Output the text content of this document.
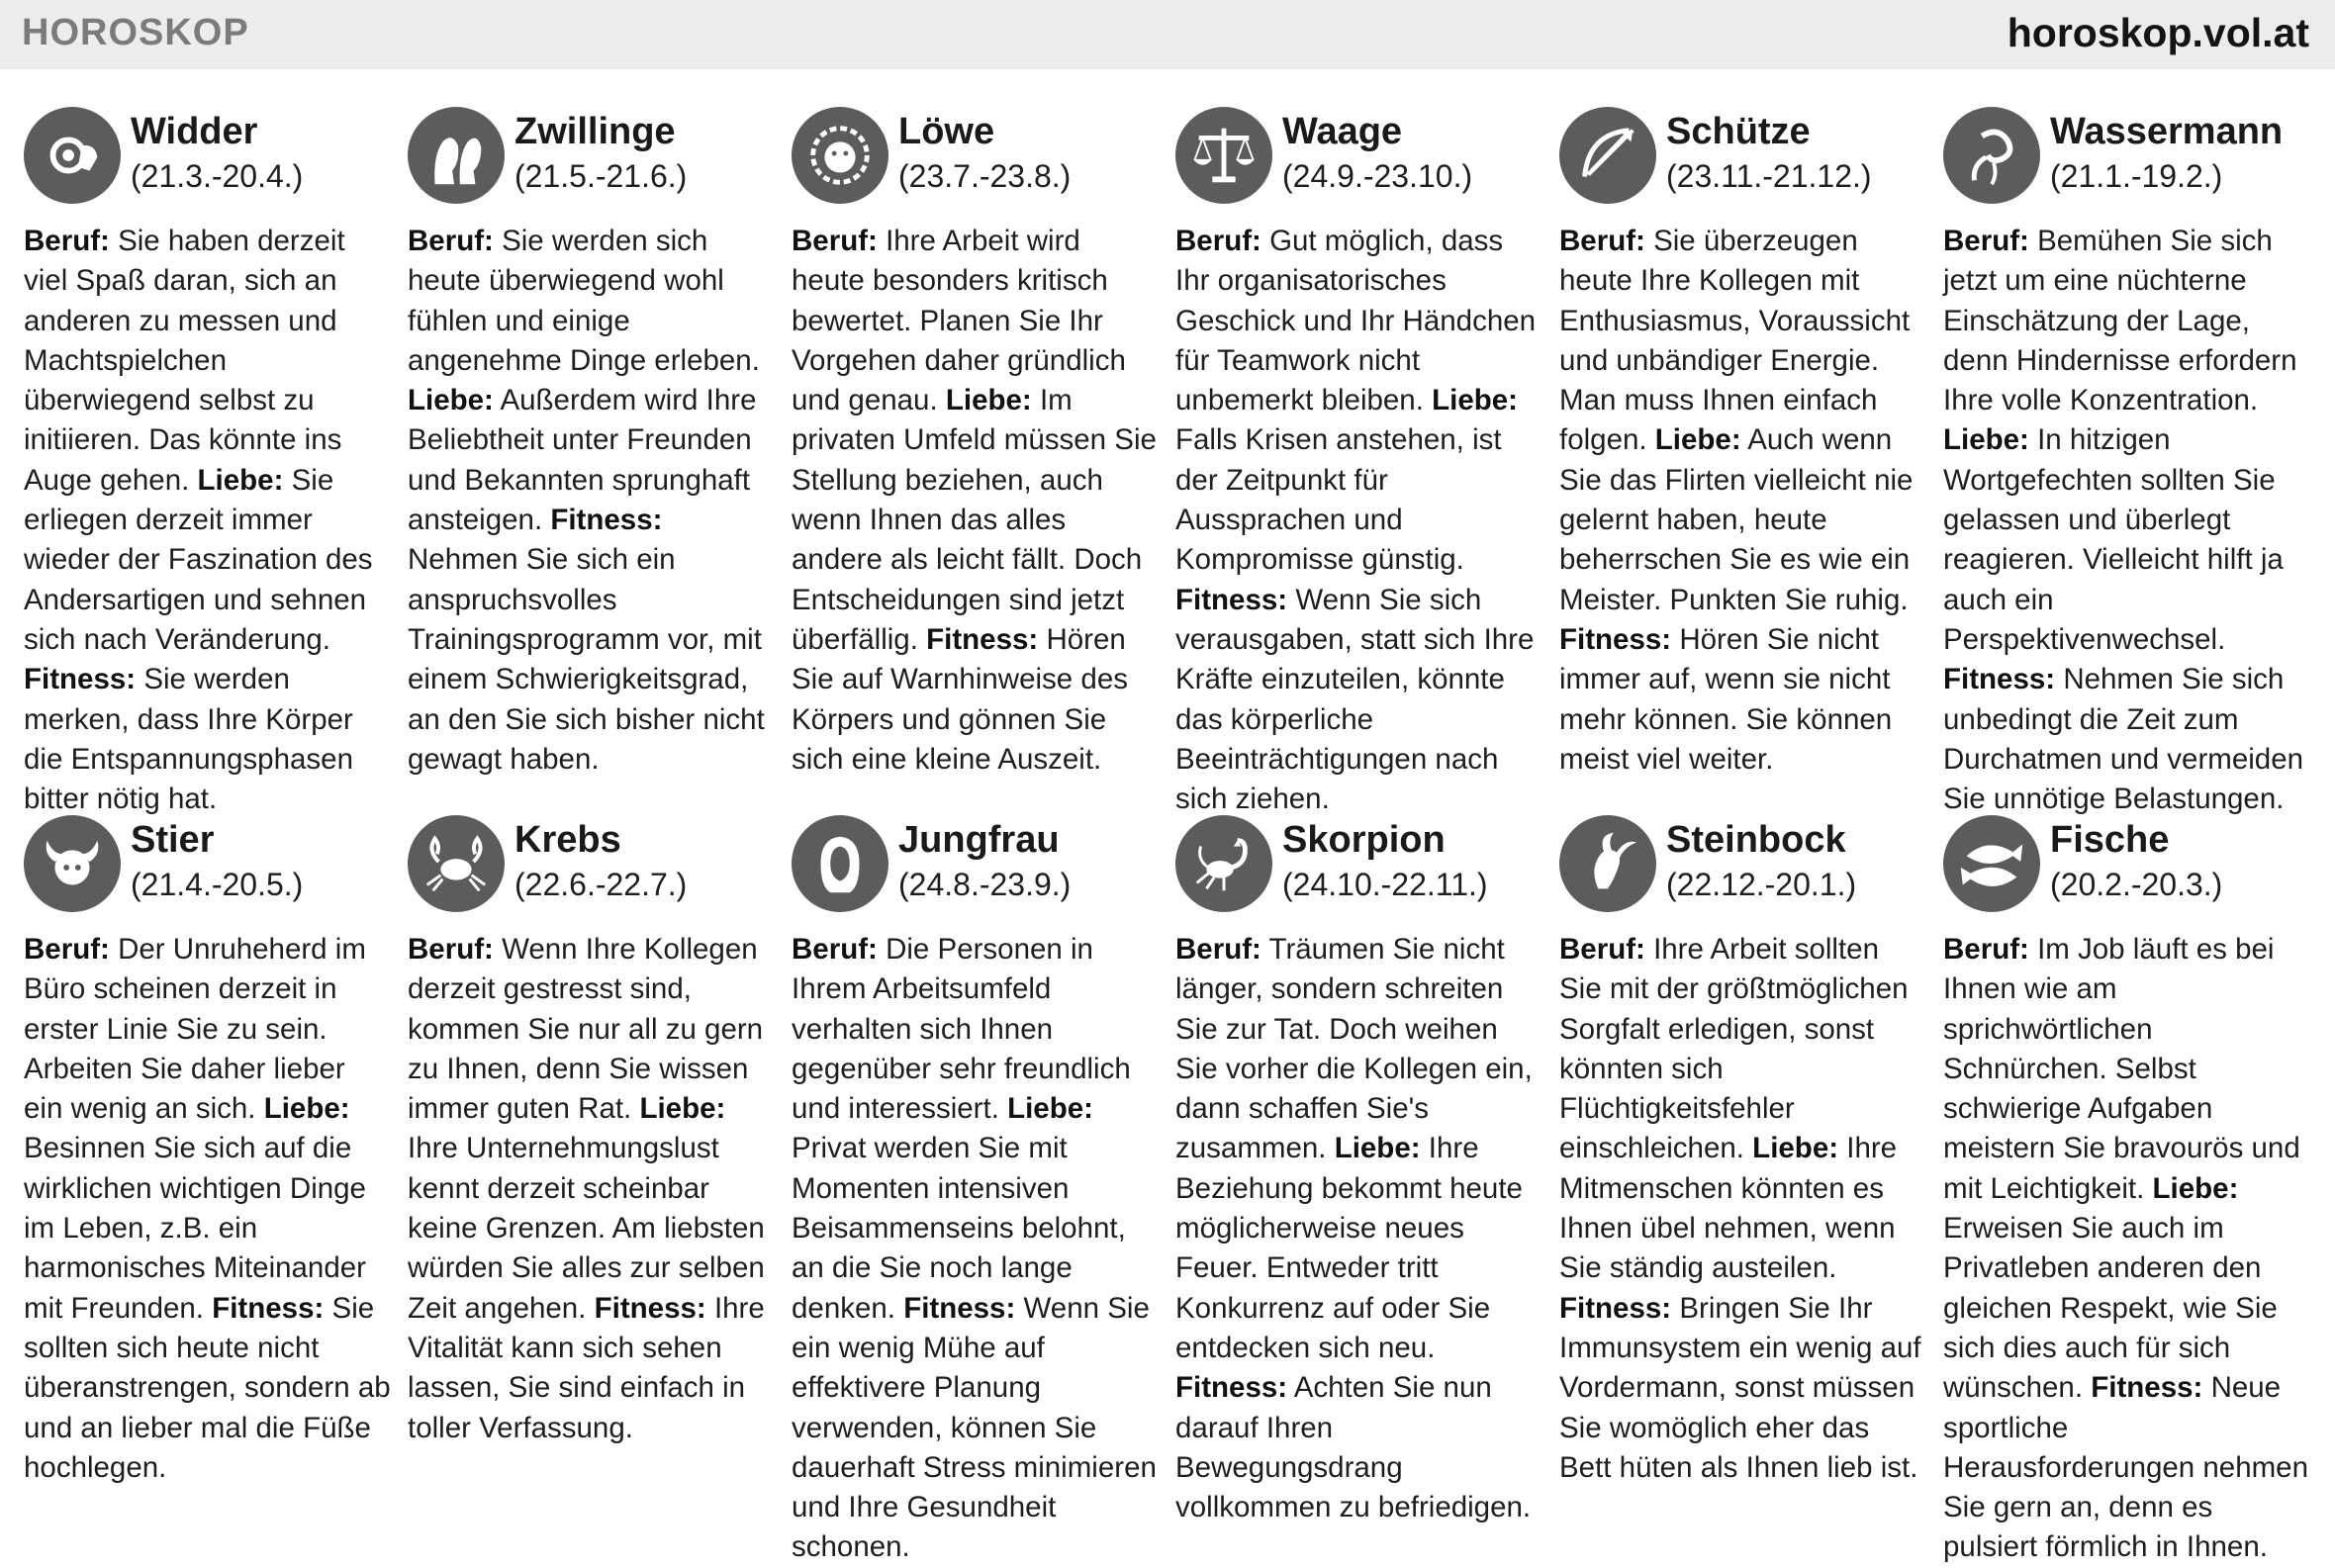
HOROSKOP	horoskop.vol.at
Widder
(21.3.-20.4.)
Beruf: Sie haben derzeit viel Spaß daran, sich an anderen zu messen und Machtspielchen überwiegend selbst zu initiieren. Das könnte ins Auge gehen. Liebe: Sie erliegen derzeit immer wieder der Faszination des Andersartigen und sehnen sich nach Veränderung. Fitness: Sie werden merken, dass Ihre Körper die Entspannungsphasen bitter nötig hat.
Zwillinge
(21.5.-21.6.)
Beruf: Sie werden sich heute überwiegend wohl fühlen und einige angenehme Dinge erleben. Liebe: Außerdem wird Ihre Beliebtheit unter Freunden und Bekannten sprunghaft ansteigen. Fitness: Nehmen Sie sich ein anspruchsvolles Trainingsprogramm vor, mit einem Schwierigkeitsgrad, an den Sie sich bisher nicht gewagt haben.
Löwe
(23.7.-23.8.)
Beruf: Ihre Arbeit wird heute besonders kritisch bewertet. Planen Sie Ihr Vorgehen daher gründlich und genau. Liebe: Im privaten Umfeld müssen Sie Stellung beziehen, auch wenn Ihnen das alles andere als leicht fällt. Doch Entscheidungen sind jetzt überfällig. Fitness: Hören Sie auf Warnhinweise des Körpers und gönnen Sie sich eine kleine Auszeit.
Waage
(24.9.-23.10.)
Beruf: Gut möglich, dass Ihr organisatorisches Geschick und Ihr Händchen für Teamwork nicht unbemerkt bleiben. Liebe: Falls Krisen anstehen, ist der Zeitpunkt für Aussprachen und Kompromisse günstig. Fitness: Wenn Sie sich verausgaben, statt sich Ihre Kräfte einzuteilen, könnte das körperliche Beeinträchtigungen nach sich ziehen.
Schütze
(23.11.-21.12.)
Beruf: Sie überzeugen heute Ihre Kollegen mit Enthusiasmus, Voraussicht und unbändiger Energie. Man muss Ihnen einfach folgen. Liebe: Auch wenn Sie das Flirten vielleicht nie gelernt haben, heute beherrschen Sie es wie ein Meister. Punkten Sie ruhig. Fitness: Hören Sie nicht immer auf, wenn sie nicht mehr können. Sie können meist viel weiter.
Wassermann
(21.1.-19.2.)
Beruf: Bemühen Sie sich jetzt um eine nüchterne Einschätzung der Lage, denn Hindernisse erfordern Ihre volle Konzentration. Liebe: In hitzigen Wortgefechten sollten Sie gelassen und überlegt reagieren. Vielleicht hilft ja auch ein Perspektivenwechsel. Fitness: Nehmen Sie sich unbedingt die Zeit zum Durchatmen und vermeiden Sie unnötige Belastungen.
Stier
(21.4.-20.5.)
Beruf: Der Unruheherd im Büro scheinen derzeit in erster Linie Sie zu sein. Arbeiten Sie daher lieber ein wenig an sich. Liebe: Besinnen Sie sich auf die wirklichen wichtigen Dinge im Leben, z.B. ein harmonisches Miteinander mit Freunden. Fitness: Sie sollten sich heute nicht überanstrengen, sondern ab und an lieber mal die Füße hochlegen.
Krebs
(22.6.-22.7.)
Beruf: Wenn Ihre Kollegen derzeit gestresst sind, kommen Sie nur all zu gern zu Ihnen, denn Sie wissen immer guten Rat. Liebe: Ihre Unternehmungslust kennt derzeit scheinbar keine Grenzen. Am liebsten würden Sie alles zur selben Zeit angehen. Fitness: Ihre Vitalität kann sich sehen lassen, Sie sind einfach in toller Verfassung.
Jungfrau
(24.8.-23.9.)
Beruf: Die Personen in Ihrem Arbeitsumfeld verhalten sich Ihnen gegenüber sehr freundlich und interessiert. Liebe: Privat werden Sie mit Momenten intensiven Beisammenseins belohnt, an die Sie noch lange denken. Fitness: Wenn Sie ein wenig Mühe auf effektivere Planung verwenden, können Sie dauerhaft Stress minimieren und Ihre Gesundheit schonen.
Skorpion
(24.10.-22.11.)
Beruf: Träumen Sie nicht länger, sondern schreiten Sie zur Tat. Doch weihen Sie vorher die Kollegen ein, dann schaffen Sie's zusammen. Liebe: Ihre Beziehung bekommt heute möglicherweise neues Feuer. Entweder tritt Konkurrenz auf oder Sie entdecken sich neu. Fitness: Achten Sie nun darauf Ihren Bewegungsdrang vollkommen zu befriedigen.
Steinbock
(22.12.-20.1.)
Beruf: Ihre Arbeit sollten Sie mit der größtmöglichen Sorgfalt erledigen, sonst könnten sich Flüchtigkeitsfehler einschleichen. Liebe: Ihre Mitmenschen könnten es Ihnen übel nehmen, wenn Sie ständig austeilen. Fitness: Bringen Sie Ihr Immunsystem ein wenig auf Vordermann, sonst müssen Sie womöglich eher das Bett hüten als Ihnen lieb ist.
Fische
(20.2.-20.3.)
Beruf: Im Job läuft es bei Ihnen wie am sprichwörtlichen Schnürchen. Selbst schwierige Aufgaben meistern Sie bravourös und mit Leichtigkeit. Liebe: Erweisen Sie auch im Privatleben anderen den gleichen Respekt, wie Sie sich dies auch für sich wünschen. Fitness: Neue sportliche Herausforderungen nehmen Sie gern an, denn es pulsiert förmlich in Ihnen.
